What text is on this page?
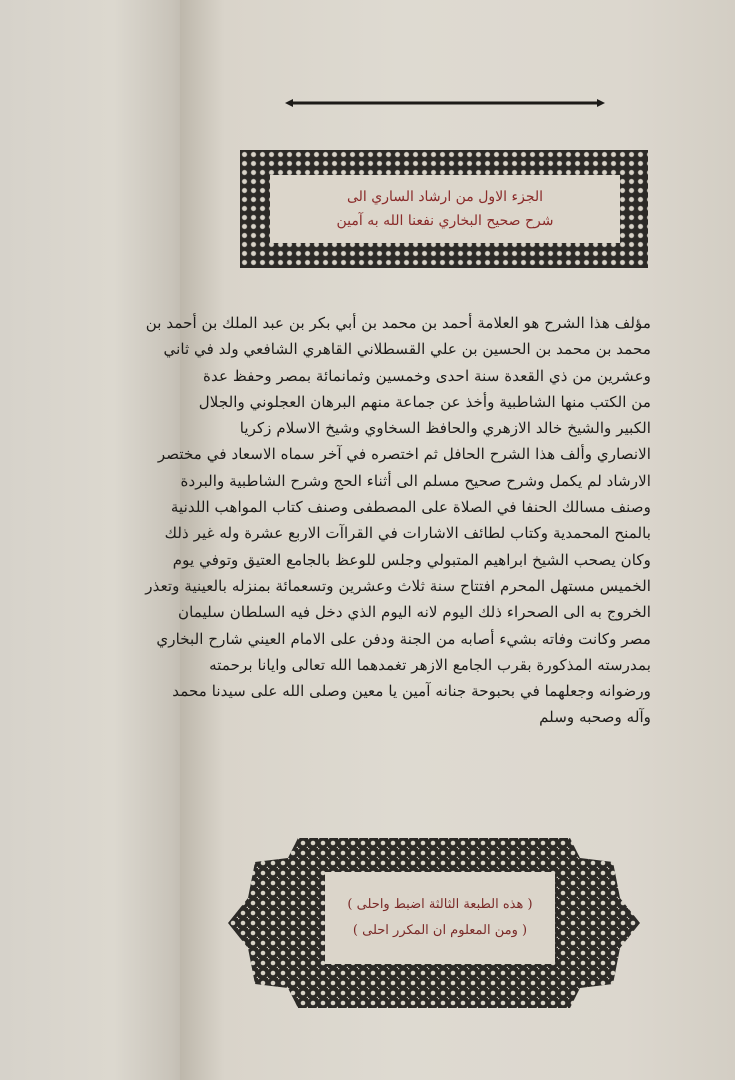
الجزء الاول من ارشاد الساري الى
شرح صحيح البخاري نفعنا الله به آمين
مؤلف هذا الشرح هو العلامة أحمد بن محمد بن أبي بكر بن عبد الملك بن أحمد بن
محمد بن محمد بن الحسين بن علي القسطلاني القاهري الشافعي ولد في ثاني
وعشرين من ذي القعدة سنة احدى وخمسين وثمانمائة بمصر وحفظ عدة
من الكتب منها الشاطبية وأخذ عن جماعة منهم البرهان العجلوني والجلال
الكبير والشيخ خالد الازهري والحافظ السخاوي وشيخ الاسلام زكريا
الانصاري وألف هذا الشرح الحافل ثم اختصره في آخر سماه الاسعاد في مختصر
الارشاد لم يكمل وشرح صحيح مسلم الى أثناء الحج وشرح الشاطبية والبردة
وصنف مسالك الحنفا في الصلاة على المصطفى وصنف كتاب المواهب اللدنية
بالمنح المحمدية وكتاب لطائف الاشارات في القراآت الاربع عشرة وله غير ذلك
وكان يصحب الشيخ ابراهيم المتبولي وجلس للوعظ بالجامع العتيق وتوفي يوم
الخميس مستهل المحرم افتتاح سنة ثلاث وعشرين وتسعمائة بمنزله بالعينية وتعذر
الخروج به الى الصحراء ذلك اليوم لانه اليوم الذي دخل فيه السلطان سليمان
مصر وكانت وفاته بشيء أصابه من الجنة ودفن على الامام العيني شارح البخاري
بمدرسته المذكورة بقرب الجامع الازهر تغمدهما الله تعالى وايانا برحمته
ورضوانه وجعلهما في بحبوحة جنانه آمين يا معين وصلى الله على سيدنا محمد
وآله وصحبه وسلم
( هذه الطبعة الثالثة اضبط واحلى )
( ومن المعلوم ان المكرر احلى )
